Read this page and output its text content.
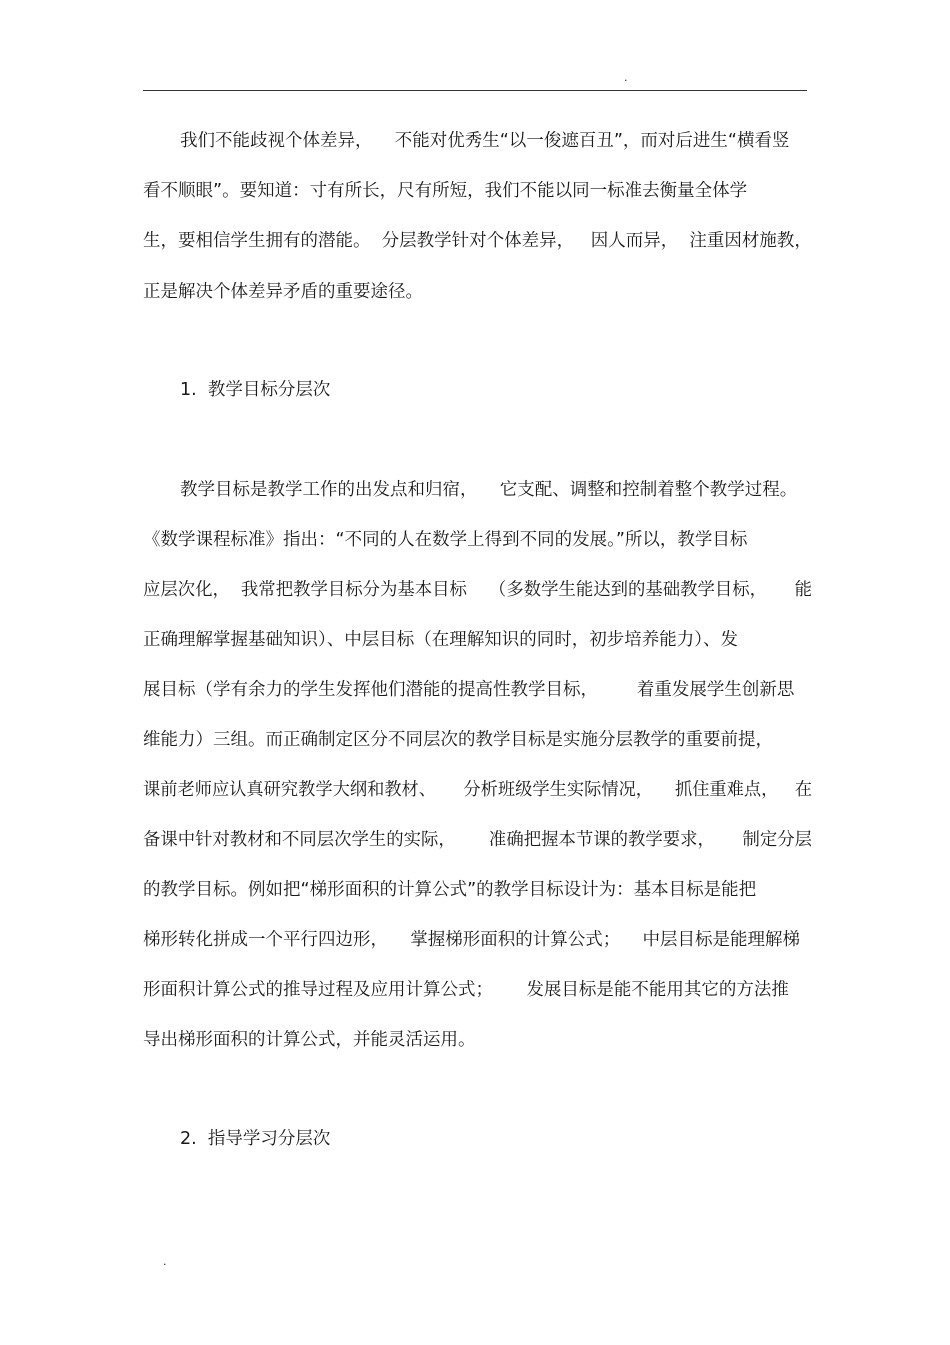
.

我们不能歧视个体差异，    不能对优秀生“以一俊遮百丑”，而对后进生“横看竖

看不顺眼”。要知道：寸有所长，尺有所短，我们不能以同一标准去衡量全体学

生，要相信学生拥有的潜能。  分层教学针对个体差异，   因人而异，  注重因材施教，

正是解决个体差异矛盾的重要途径。

1.  教学目标分层次

教学目标是教学工作的出发点和归宿，    它支配、调整和控制着整个教学过程。

《数学课程标准》指出：“不同的人在数学上得到不同的发展。”所以，教学目标

应层次化，  我常把教学目标分为基本目标    （多数学生能达到的基础教学目标，     能

正确理解掌握基础知识）、中层目标（在理解知识的同时，初步培养能力）、发

展目标（学有余力的学生发挥他们潜能的提高性教学目标，       着重发展学生创新思

维能力）三组。而正确制定区分不同层次的教学目标是实施分层教学的重要前提，

课前老师应认真研究教学大纲和教材、     分析班级学生实际情况，    抓住重难点，   在

备课中针对教材和不同层次学生的实际，      准确把握本节课的教学要求，     制定分层

的教学目标。例如把“梯形面积的计算公式”的教学目标设计为：基本目标是能把

梯形转化拼成一个平行四边形，    掌握梯形面积的计算公式；    中层目标是能理解梯

形面积计算公式的推导过程及应用计算公式；      发展目标是能不能用其它的方法推

导出梯形面积的计算公式，并能灵活运用。

2.  指导学习分层次

.
